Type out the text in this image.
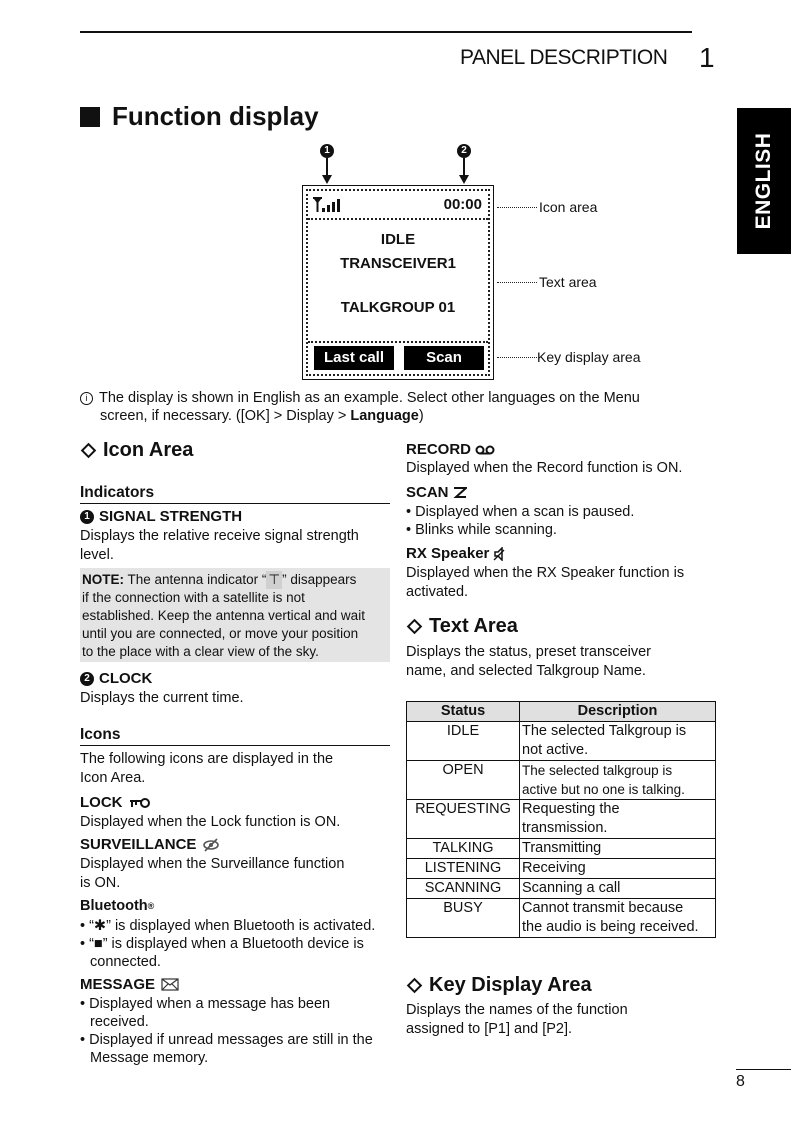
PANEL DESCRIPTION 1
ENGLISH
Function display
1	2
00:00
IDLE
TRANSCEIVER1
TALKGROUP 01
Last call	Scan
Icon area
Text area
Key display area
i The display is shown in English as an example. Select other languages on the Menu
screen, if necessary. ([OK] > Display > Language)
Icon Area
Indicators
1 SIGNAL STRENGTH
Displays the relative receive signal strength
level.
NOTE: The antenna indicator “ ⊤ ” disappears
if the connection with a satellite is not
established. Keep the antenna vertical and wait
until you are connected, or move your position
to the place with a clear view of the sky.
2 CLOCK
Displays the current time.
Icons
The following icons are displayed in the
Icon Area.
LOCK
Displayed when the Lock function is ON.
SURVEILLANCE
Displayed when the Surveillance function
is ON.
Bluetooth ®
• “✱” is displayed when Bluetooth is activated.
• “■” is displayed when a Bluetooth device is
connected.
MESSAGE
• Displayed when a message has been
received.
• Displayed if unread messages are still in the
Message memory.
RECORD
Displayed when the Record function is ON.
SCAN
• Displayed when a scan is paused.
• Blinks while scanning.
RX Speaker
Displayed when the RX Speaker function is
activated.
Text Area
Displays the status, preset transceiver
name, and selected Talkgroup Name.
Status	Description
IDLE	The selected Talkgroup is
not active.

OPEN	The selected talkgroup is
active but no one is talking.

REQUESTING	Requesting the
transmission.

TALKING	Transmitting
LISTENING	Receiving
SCANNING	Scanning a call
BUSY	Cannot transmit because
the audio is being received.
Key Display Area
Displays the names of the function
assigned to [P1] and [P2].
8
